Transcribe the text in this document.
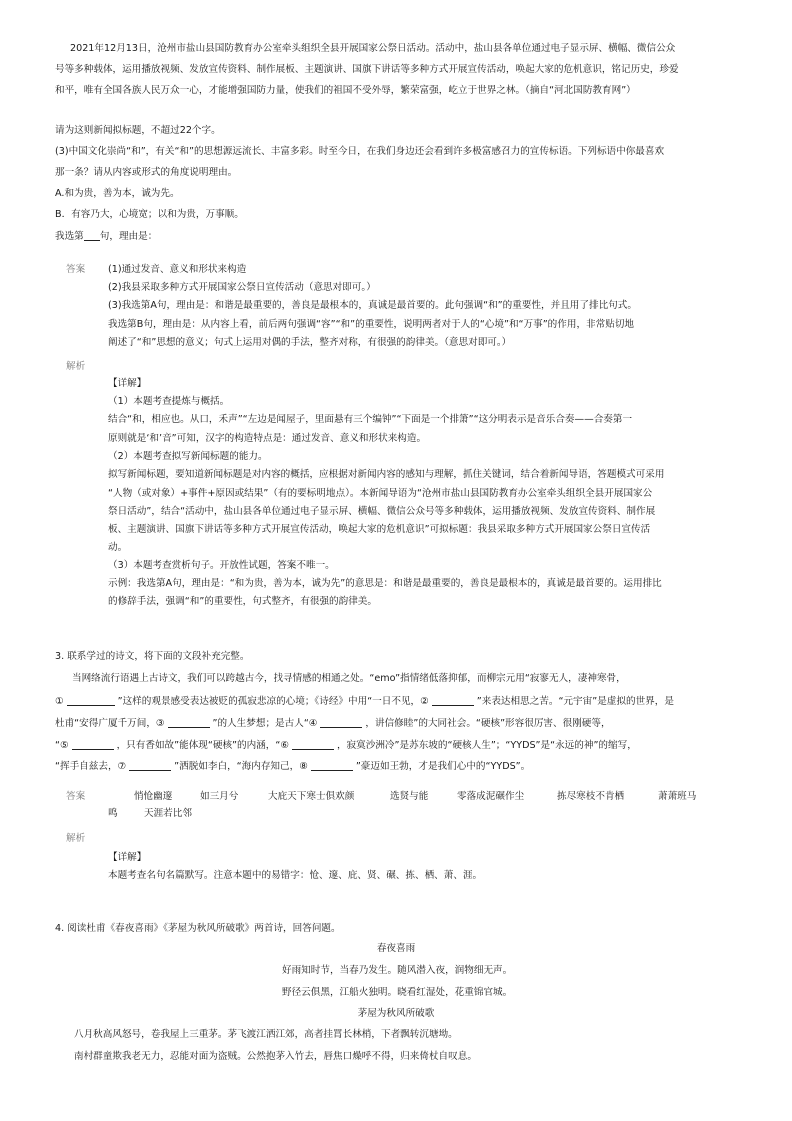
2021年12月13日，沧州市盐山县国防教育办公室牵头组织全县开展国家公祭日活动。活动中，盐山县各单位通过电子显示屏、横幅、微信公众
号等多种载体，运用播放视频、发放宣传资料、制作展板、主题演讲、国旗下讲话等多种方式开展宣传活动，唤起大家的危机意识，铭记历史，珍爱
和平，唯有全国各族人民万众一心，才能增强国防力量，使我们的祖国不受外辱，繁荣富强，屹立于世界之林。（摘自“河北国防教育网”）
请为这则新闻拟标题，不超过22个字。
(3)中国文化崇尚“和”，有关“和”的思想源远流长、丰富多彩。时至今日，在我们身边还会看到许多极富感召力的宣传标语。下列标语中你最喜欢
那一条？请从内容或形式的角度说明理由。
A.和为贵，善为本，诚为先。
B．有容乃大，心境宽；以和为贵，万事顺。
我选第 句，理由是：
答案 (1)通过发音、意义和形状来构造
(2)我县采取多种方式开展国家公祭日宣传活动（意思对即可。）
(3)我选第A句，理由是：和谐是最重要的，善良是最根本的，真诚是最首要的。此句强调“和”的重要性，并且用了排比句式。
我选第B句，理由是：从内容上看，前后两句强调“容”“和”的重要性，说明两者对于人的“心境”和“万事”的作用，非常贴切地
阐述了“和”思想的意义；句式上运用对偶的手法，整齐对称，有很强的韵律美。（意思对即可。）
解析
【详解】
（1）本题考查提炼与概括。
结合“和，相应也。从口，禾声”“左边是闻屋子，里面悬有三个编钟”“下面是一个排箫”“这分明表示是音乐合奏——合奏第一
原则就是‘和’音”可知，汉字的构造特点是：通过发音、意义和形状来构造。
（2）本题考查拟写新闻标题的能力。
拟写新闻标题，要知道新闻标题是对内容的概括，应根据对新闻内容的感知与理解，抓住关键词，结合着新闻导语，答题模式可采用
“人物（或对象）+事件+原因或结果”（有的要标明地点）。本新闻导语为“沧州市盐山县国防教育办公室牵头组织全县开展国家公
祭日活动”，结合“活动中，盐山县各单位通过电子显示屏、横幅、微信公众号等多种载体，运用播放视频、发放宣传资料、制作展
板、主题演讲、国旗下讲话等多种方式开展宣传活动，唤起大家的危机意识”可拟标题：我县采取多种方式开展国家公祭日宣传活
动。
（3）本题考查赏析句子。开放性试题，答案不唯一。
示例：我选第A句，理由是：“和为贵，善为本，诚为先”的意思是：和谐是最重要的，善良是最根本的，真诚是最首要的。运用排比
的修辞手法，强调“和”的重要性，句式整齐，有很强的韵律美。
3. 联系学过的诗文，将下面的文段补充完整。
当网络流行语遇上古诗文，我们可以跨越古今，找寻情感的相通之处。“emo”指情绪低落抑郁，而柳宗元用“寂寥无人，凄神寒骨，
①	”这样的观景感受表达被贬的孤寂悲凉的心境；《诗经》中用“一日不见，②	”来表达相思之苦。“元宇宙”是虚拟的世界，是
杜甫“安得广厦千万间，③	”的人生梦想；是古人“④	，讲信修睦”的大同社会。“硬核”形容很厉害、很刚硬等，
“⑤	，只有香如故”能体现“硬核”的内涵，“⑥	，寂寞沙洲冷”是苏东坡的“硬核人生”；“YYDS”是“永远的神”的缩写，
“挥手自兹去，⑦	”洒脱如李白，“海内存知己，⑧	”豪迈如王勃，才是我们心中的“YYDS”。
答案	悄怆幽邃	如三月兮	大庇天下寒士俱欢颜	选贤与能	零落成泥碾作尘	拣尽寒枝不肯栖	萧萧班马
鸣	天涯若比邻
解析
【详解】
本题考查名句名篇默写。注意本题中的易错字：怆、邃、庇、贤、碾、拣、栖、萧、涯。
4. 阅读杜甫《春夜喜雨》《茅屋为秋风所破歌》两首诗，回答问题。
春夜喜雨
好雨知时节，当春乃发生。随风潜入夜，润物细无声。
野径云俱黑，江船火独明。晓看红湿处，花重锦官城。
茅屋为秋风所破歌
八月秋高风怒号，卷我屋上三重茅。茅飞渡江洒江郊，高者挂罥长林梢，下者飘转沉塘坳。
南村群童欺我老无力，忍能对面为盗贼。公然抱茅入竹去，唇焦口燥呼不得，归来倚杖自叹息。
